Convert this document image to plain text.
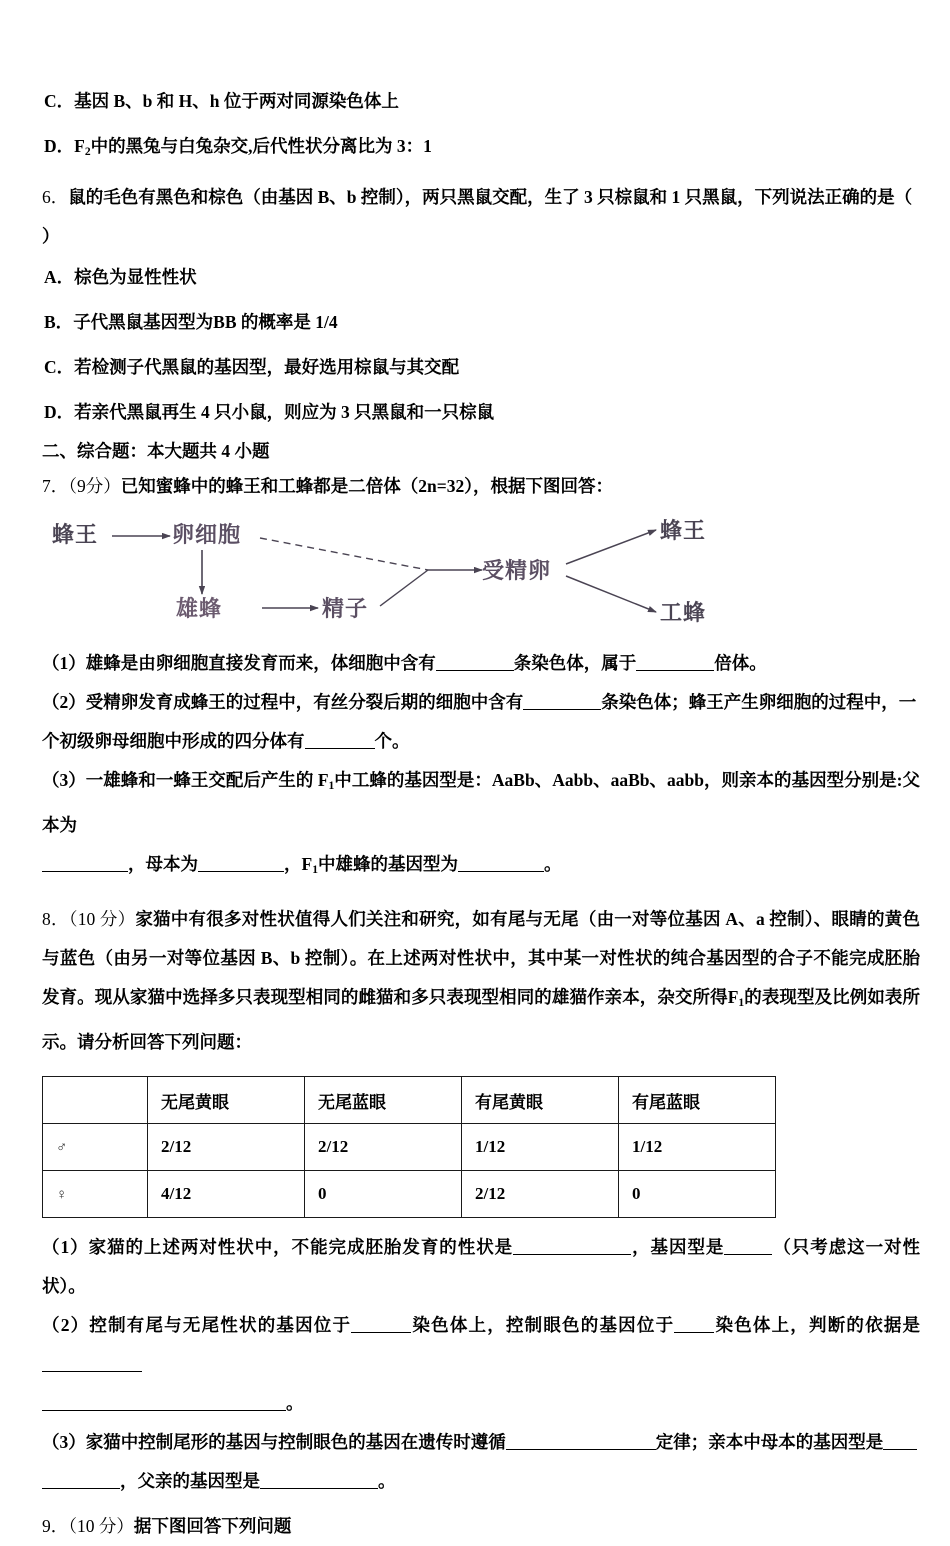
C．基因 B、b 和 H、h 位于两对同源染色体上
D．$F_2$中的黑兔与白兔杂交,后代性状分离比为 3：1
6．鼠的毛色有黑色和棕色（由基因 B、b 控制），两只黑鼠交配，生了 3 只棕鼠和 1 只黑鼠，下列说法正确的是（
）
A．棕色为显性性状
B．子代黑鼠基因型为BB 的概率是 1/4
C．若检测子代黑鼠的基因型，最好选用棕鼠与其交配
D．若亲代黑鼠再生 4 只小鼠，则应为 3 只黑鼠和一只棕鼠
二、综合题：本大题共 4 小题
7．（9分）已知蜜蜂中的蜂王和工蜂都是二倍体（2n=32），根据下图回答：
蜂王	卵细胞
雄蜂	精子
受精卵
蜂王
工蜂
（1）雄蜂是由卵细胞直接发育而来，体细胞中含有	条染色体，属于	倍体。
（2）受精卵发育成蜂王的过程中，有丝分裂后期的细胞中含有	条染色体；蜂王产生卵细胞的过程中，一
个初级卵母细胞中形成的四分体有	个。
（3）一雄蜂和一蜂王交配后产生的 $F_1$中工蜂的基因型是：AaBb、Aabb、aaBb、aabb，则亲本的基因型分别是:父本为
，母本为	，$F_1$中雄蜂的基因型为	。
8．（10 分）家猫中有很多对性状值得人们关注和研究，如有尾与无尾（由一对等位基因 A、a 控制）、眼睛的黄色与蓝色（由另一对等位基因 B、b 控制）。在上述两对性状中，其中某一对性状的纯合基因型的合子不能完成胚胎发育。现从家猫中选择多只表现型相同的雌猫和多只表现型相同的雄猫作亲本，杂交所得$F_1$的表现型及比例如表所示。请分析回答下列问题：
	无尾黄眼	无尾蓝眼	有尾黄眼	有尾蓝眼
♂	2/12	2/12	1/12	1/12
♀	4/12	0	2/12	0
（1）家猫的上述两对性状中，不能完成胚胎发育的性状是	，基因型是	（只考虑这一对性状）。
（2）控制有尾与无尾性状的基因位于	染色体上，控制眼色的基因位于 染色体上，判断的依据是
。
（3）家猫中控制尾形的基因与控制眼色的基因在遗传时遵循	定律；亲本中母本的基因型是
，父亲的基因型是	。
9．（10 分）据下图回答下列问题
